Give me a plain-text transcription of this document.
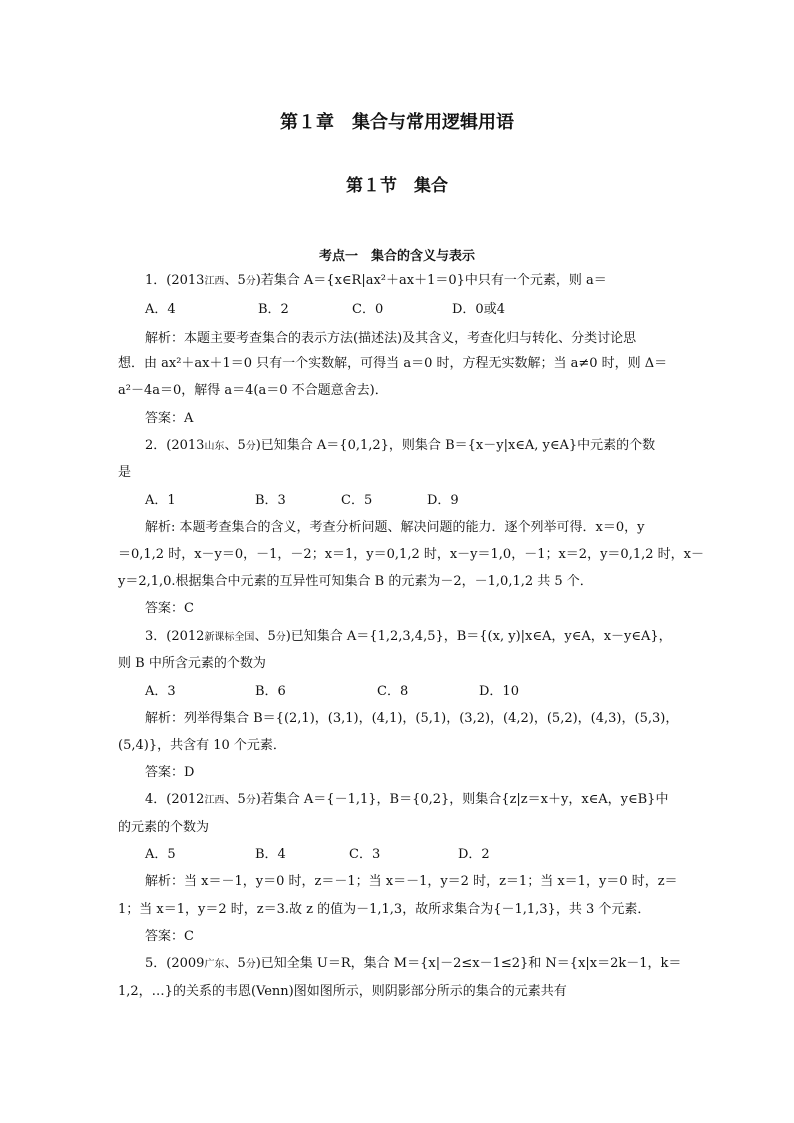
第１章　集合与常用逻辑用语
第１节　集合
考点一　集合的含义与表示
1．(2013江西、5分)若集合 A＝{x∈R|ax²＋ax＋1＝0}中只有一个元素，则 a＝
A．4	B．2	C．0	D．0或4
解析：本题主要考查集合的表示方法(描述法)及其含义，考查化归与转化、分类讨论思
想．由 ax²＋ax＋1＝0 只有一个实数解，可得当 a＝0 时，方程无实数解；当 a≠0 时，则 Δ＝
a²－4a＝0，解得 a＝4(a＝0 不合题意舍去)．
答案：A
2．(2013山东、5分)已知集合 A＝{0,1,2}，则集合 B＝{x－y|x∈A, y∈A}中元素的个数
是
A．1	B．3	C．5	D．9
解析: 本题考查集合的含义，考查分析问题、解决问题的能力．逐个列举可得．x＝0，y
＝0,1,2 时，x－y＝0，－1，－2；x＝1，y＝0,1,2 时，x－y＝1,0，－1；x＝2，y＝0,1,2 时，x－
y＝2,1,0.根据集合中元素的互异性可知集合 B 的元素为－2，－1,0,1,2 共 5 个．
答案：C
3．(2012新课标全国、5分)已知集合 A＝{1,2,3,4,5}，B＝{(x, y)|x∈A，y∈A，x－y∈A}，
则 B 中所含元素的个数为
A．3	B．6	C．8	D．10
解析：列举得集合 B＝{(2,1)，(3,1)，(4,1)，(5,1)，(3,2)，(4,2)，(5,2)，(4,3)，(5,3)，
(5,4)}，共含有 10 个元素．
答案：D
4．(2012江西、5分)若集合 A＝{－1,1}，B＝{0,2}，则集合{z|z＝x＋y，x∈A，y∈B}中
的元素的个数为
A．5	B．4	C．3	D．2
解析：当 x＝－1，y＝0 时，z＝－1；当 x＝－1，y＝2 时，z＝1；当 x＝1，y＝0 时，z＝
1；当 x＝1，y＝2 时，z＝3.故 z 的值为－1,1,3，故所求集合为{－1,1,3}，共 3 个元素．
答案：C
5．(2009广东、5分)已知全集 U＝R，集合 M＝{x|－2≤x－1≤2}和 N＝{x|x＝2k－1，k＝
1,2，…}的关系的韦恩(Venn)图如图所示，则阴影部分所示的集合的元素共有
